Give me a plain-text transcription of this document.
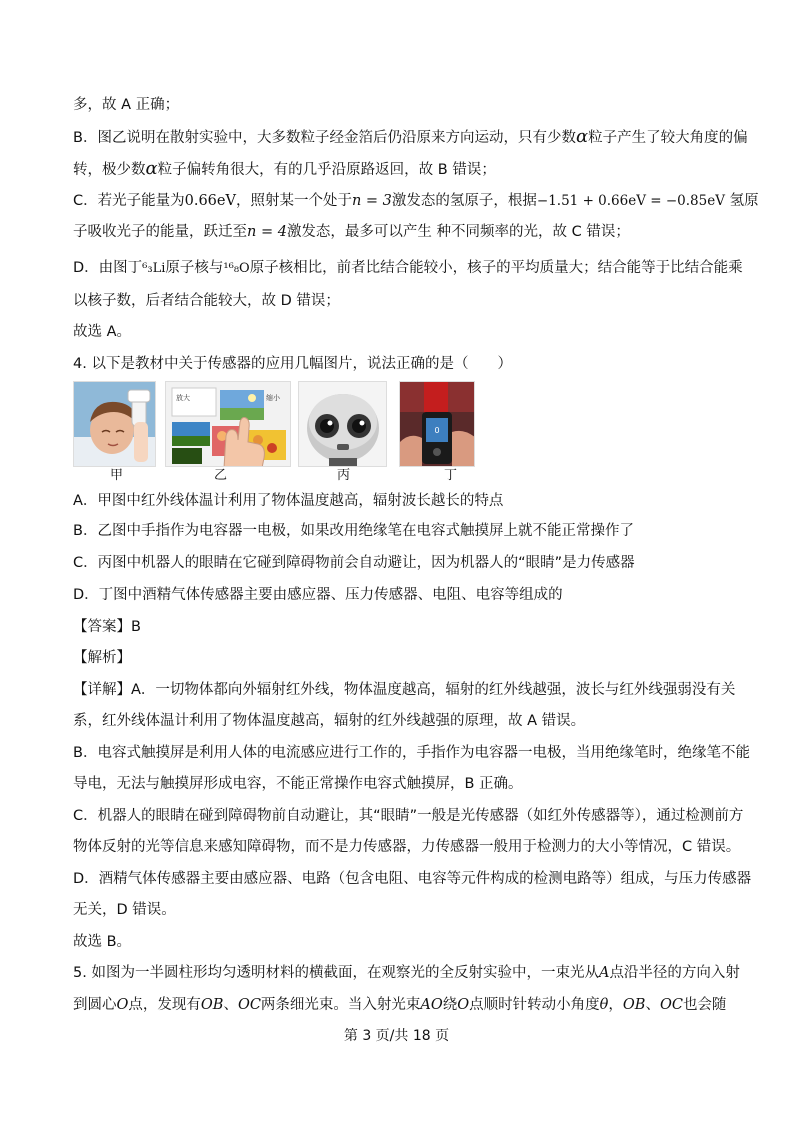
多，故 A 正确；
B．图乙说明在散射实验中，大多数粒子经金箔后仍沿原来方向运动，只有少数α粒子产生了较大角度的偏
转，极少数α粒子偏转角很大，有的几乎沿原路返回，故 B 错误；
C．若光子能量为0.66eV，照射某一个处于n = 3激发态的氢原子，根据−1.51 + 0.66eV = −0.85eV 氢原
子吸收光子的能量，跃迁至n = 4激发态，最多可以产生 种不同频率的光，故 C 错误；
D．由图丁⁶₃Li原子核与¹⁶₈O原子核相比，前者比结合能较小，核子的平均质量大；结合能等于比结合能乘
以核子数，后者结合能较大，故 D 错误；
故选 A。
4. 以下是教材中关于传感器的应用几幅图片，说法正确的是（　　）
放大	缩小
0
甲	乙	丙	丁
A．甲图中红外线体温计利用了物体温度越高，辐射波长越长的特点
B．乙图中手指作为电容器一电极，如果改用绝缘笔在电容式触摸屏上就不能正常操作了
C．丙图中机器人的眼睛在它碰到障碍物前会自动避让，因为机器人的“眼睛”是力传感器
D．丁图中酒精气体传感器主要由感应器、压力传感器、电阻、电容等组成的
【答案】B
【解析】
【详解】A．一切物体都向外辐射红外线，物体温度越高，辐射的红外线越强，波长与红外线强弱没有关
系，红外线体温计利用了物体温度越高，辐射的红外线越强的原理，故 A 错误。
B．电容式触摸屏是利用人体的电流感应进行工作的，手指作为电容器一电极，当用绝缘笔时，绝缘笔不能
导电，无法与触摸屏形成电容，不能正常操作电容式触摸屏，B 正确。
C．机器人的眼睛在碰到障碍物前自动避让，其“眼睛”一般是光传感器（如红外传感器等），通过检测前方
物体反射的光等信息来感知障碍物，而不是力传感器，力传感器一般用于检测力的大小等情况，C 错误。
D．酒精气体传感器主要由感应器、电路（包含电阻、电容等元件构成的检测电路等）组成，与压力传感器
无关，D 错误。
故选 B。
5. 如图为一半圆柱形均匀透明材料的横截面，在观察光的全反射实验中，一束光从A点沿半径的方向入射
到圆心O点，发现有OB、OC两条细光束。当入射光束AO绕O点顺时针转动小角度θ，OB、OC也会随
第 3 页/共 18 页
